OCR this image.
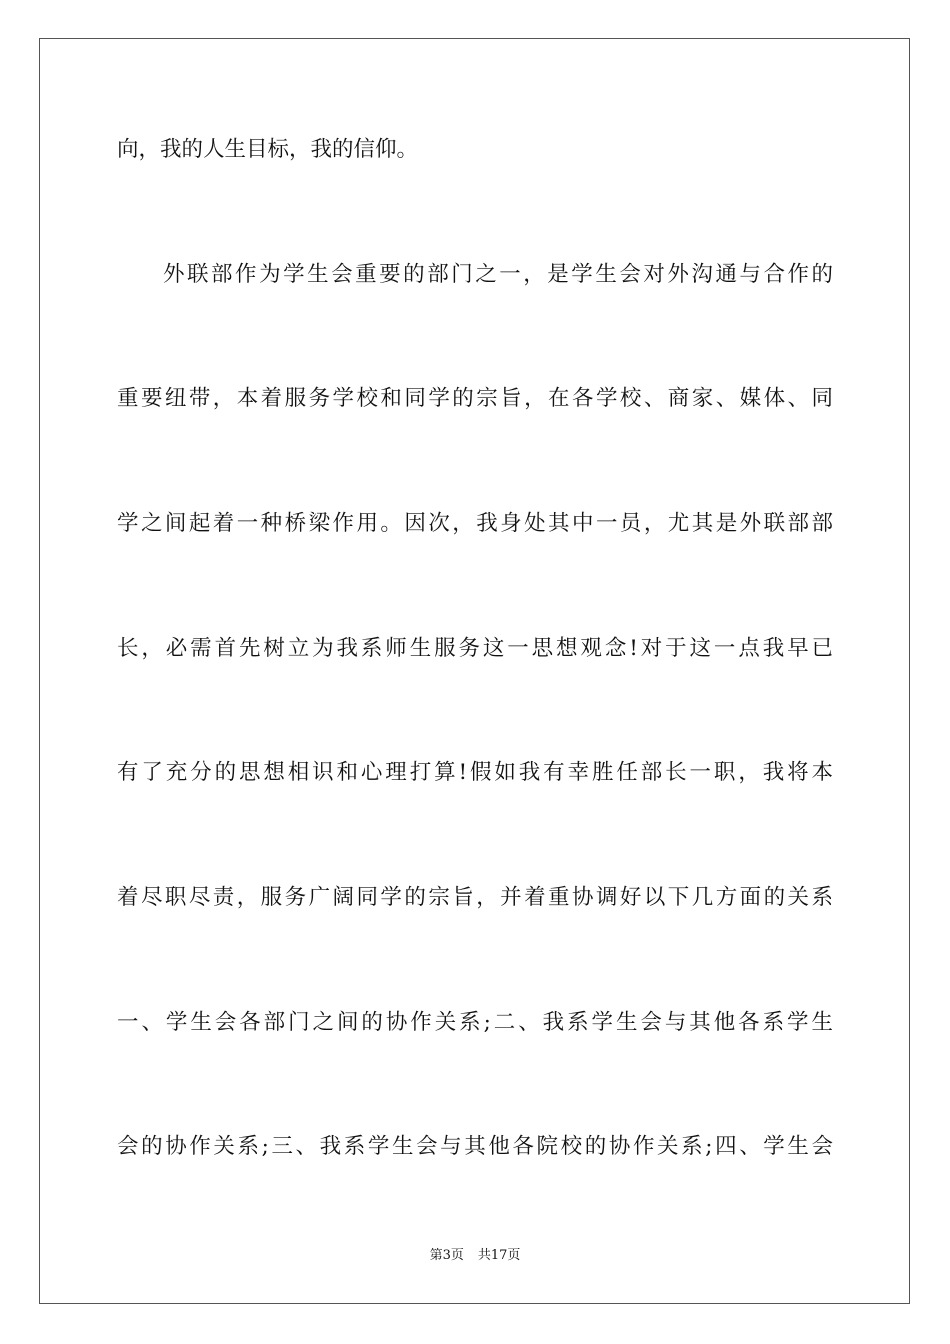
向，我的人生目标，我的信仰。
外联部作为学生会重要的部门之一，是学生会对外沟通与合作的
重要纽带，本着服务学校和同学的宗旨，在各学校、商家、媒体、同
学之间起着一种桥梁作用。因次，我身处其中一员，尤其是外联部部
长，必需首先树立为我系师生服务这一思想观念!对于这一点我早已
有了充分的思想相识和心理打算!假如我有幸胜任部长一职，我将本
着尽职尽责，服务广阔同学的宗旨，并着重协调好以下几方面的关系
一、学生会各部门之间的协作关系;二、我系学生会与其他各系学生
会的协作关系;三、我系学生会与其他各院校的协作关系;四、学生会
第3页 共17页
